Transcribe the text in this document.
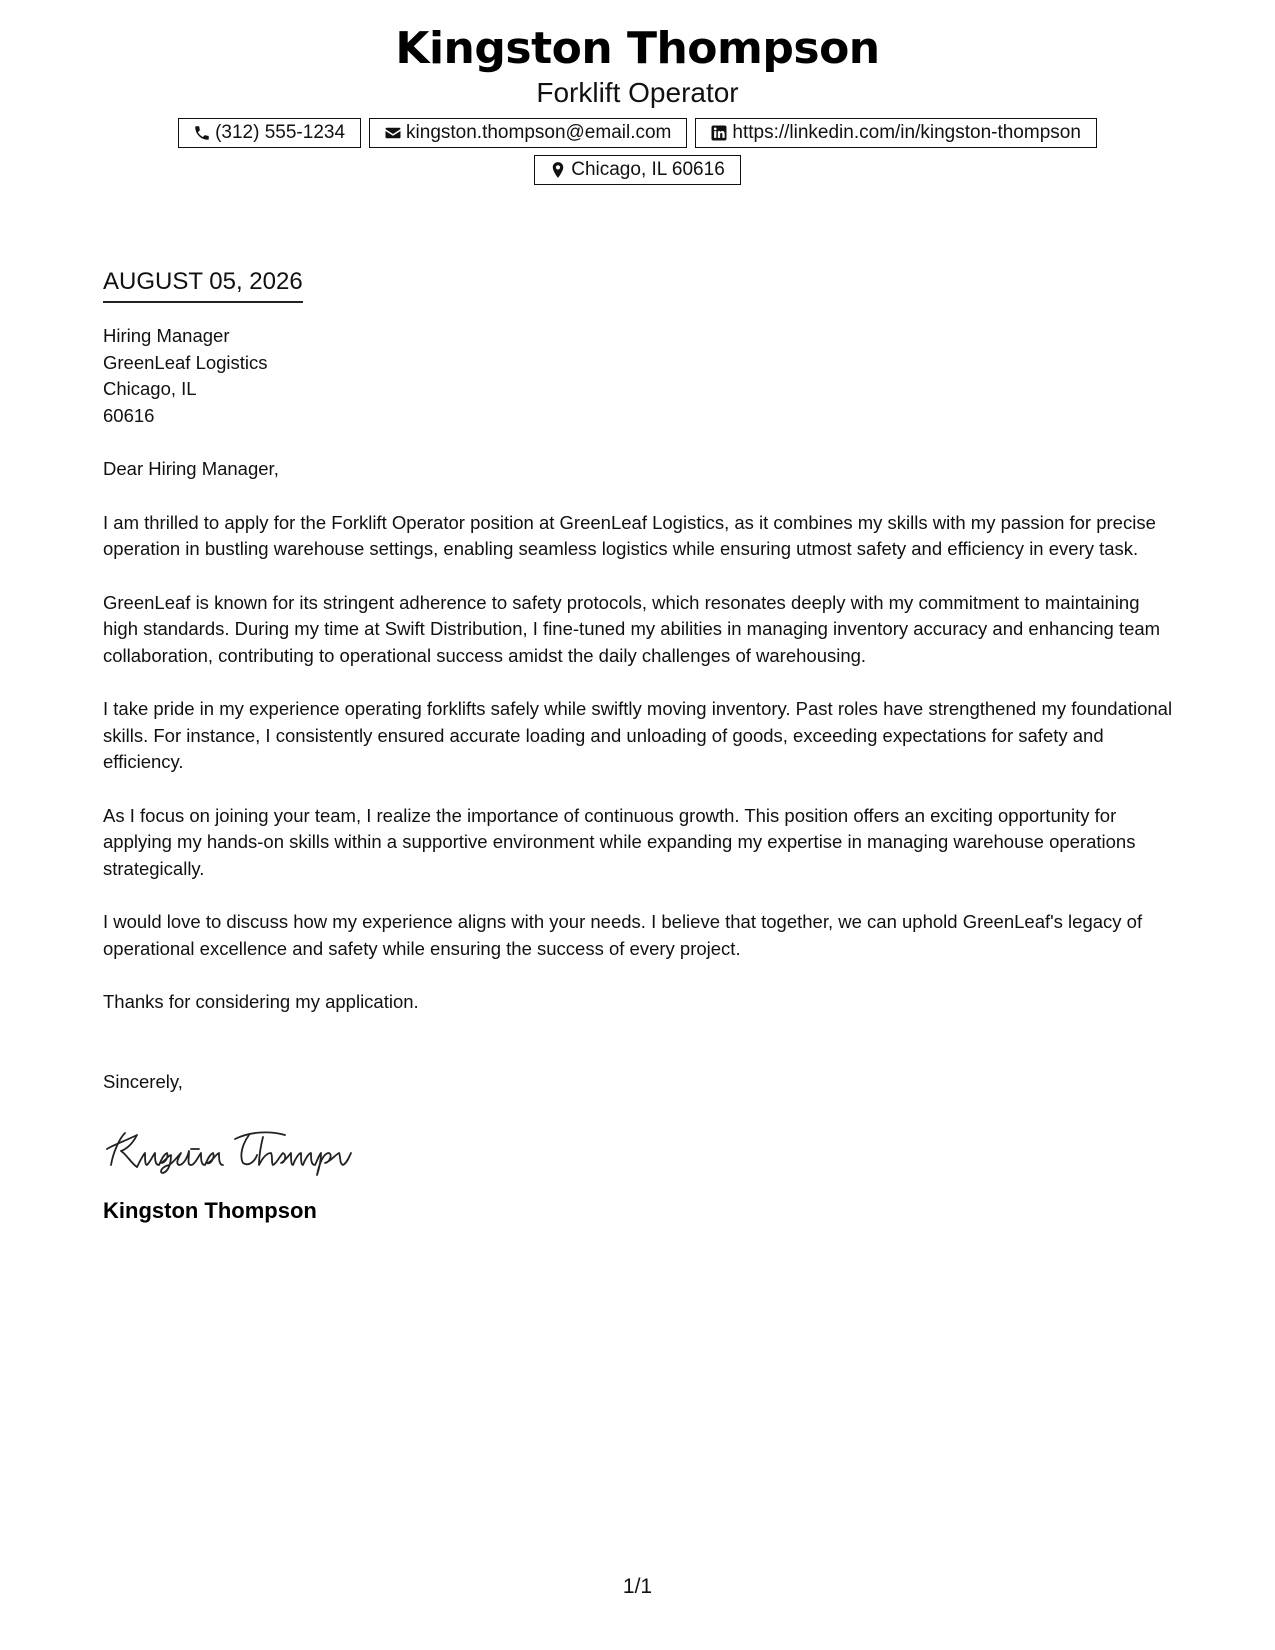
Kingston Thompson
Forklift Operator
(312) 555-1234	kingston.thompson@email.com	https://linkedin.com/in/kingston-thompson
Chicago, IL 60616
AUGUST 05, 2026
Hiring Manager
GreenLeaf Logistics
Chicago, IL
60616
Dear Hiring Manager,

I am thrilled to apply for the Forklift Operator position at GreenLeaf Logistics, as it combines my skills with my passion for precise operation in bustling warehouse settings, enabling seamless logistics while ensuring utmost safety and efficiency in every task.

GreenLeaf is known for its stringent adherence to safety protocols, which resonates deeply with my commitment to maintaining high standards. During my time at Swift Distribution, I fine-tuned my abilities in managing inventory accuracy and enhancing team collaboration, contributing to operational success amidst the daily challenges of warehousing.

I take pride in my experience operating forklifts safely while swiftly moving inventory. Past roles have strengthened my foundational skills. For instance, I consistently ensured accurate loading and unloading of goods, exceeding expectations for safety and efficiency.

As I focus on joining your team, I realize the importance of continuous growth. This position offers an exciting opportunity for applying my hands-on skills within a supportive environment while expanding my expertise in managing warehouse operations strategically.

I would love to discuss how my experience aligns with your needs. I believe that together, we can uphold GreenLeaf's legacy of operational excellence and safety while ensuring the success of every project.

Thanks for considering my application.

Sincerely,
Kingston Thompson
1/1
